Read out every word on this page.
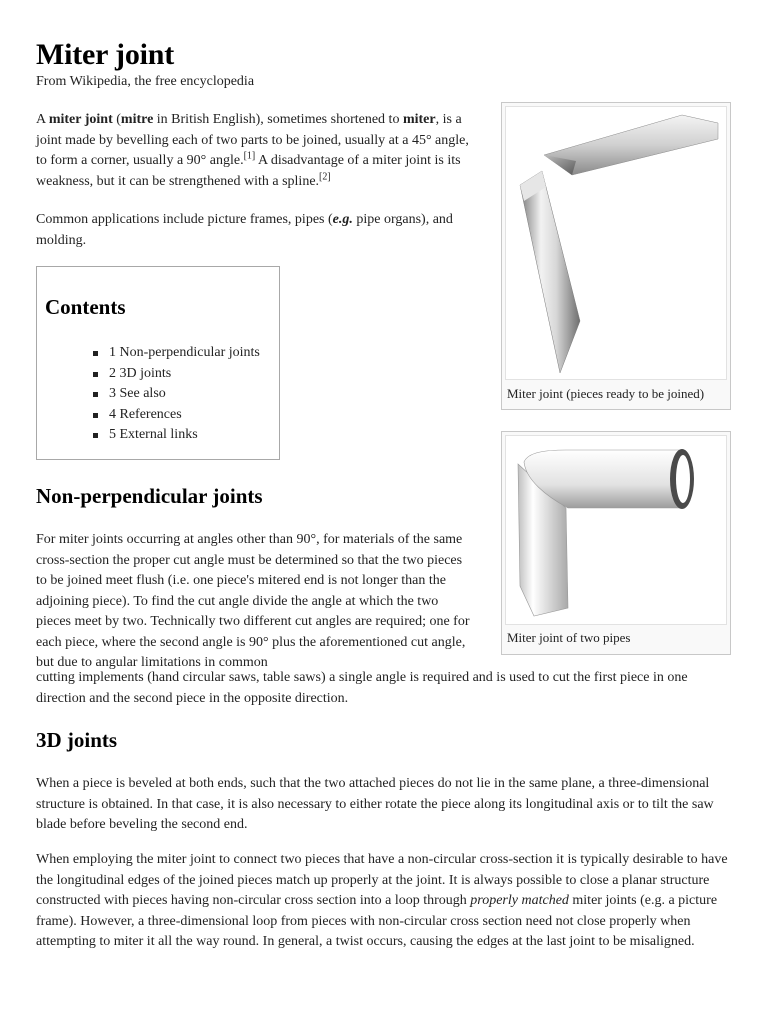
Miter joint
From Wikipedia, the free encyclopedia

A miter joint (mitre in British English), sometimes shortened to miter, is a joint made by bevelling each of two parts to be joined, usually at a 45° angle, to form a corner, usually a 90° angle.[1] A disadvantage of a miter joint is its weakness, but it can be strengthened with a spline.[2]

Common applications include picture frames, pipes (e.g. pipe organs), and molding.

Contents
1 Non-perpendicular joints
2 3D joints
3 See also
4 References
5 External links
Miter joint (pieces ready to be joined)
Miter joint of two pipes
Non-perpendicular joints

For miter joints occurring at angles other than 90°, for materials of the same cross-section the proper cut angle must be determined so that the two pieces to be joined meet flush (i.e. one piece's mitered end is not longer than the adjoining piece). To find the cut angle divide the angle at which the two pieces meet by two. Technically two different cut angles are required; one for each piece, where the second angle is 90° plus the aforementioned cut angle, but due to angular limitations in common

cutting implements (hand circular saws, table saws) a single angle is required and is used to cut the first piece in one direction and the second piece in the opposite direction.

3D joints

When a piece is beveled at both ends, such that the two attached pieces do not lie in the same plane, a three-dimensional structure is obtained. In that case, it is also necessary to either rotate the piece along its longitudinal axis or to tilt the saw blade before beveling the second end.

When employing the miter joint to connect two pieces that have a non-circular cross-section it is typically desirable to have the longitudinal edges of the joined pieces match up properly at the joint. It is always possible to close a planar structure constructed with pieces having non-circular cross section into a loop through properly matched miter joints (e.g. a picture frame). However, a three-dimensional loop from pieces with non-circular cross section need not close properly when attempting to miter it all the way round. In general, a twist occurs, causing the edges at the last joint to be misaligned.
